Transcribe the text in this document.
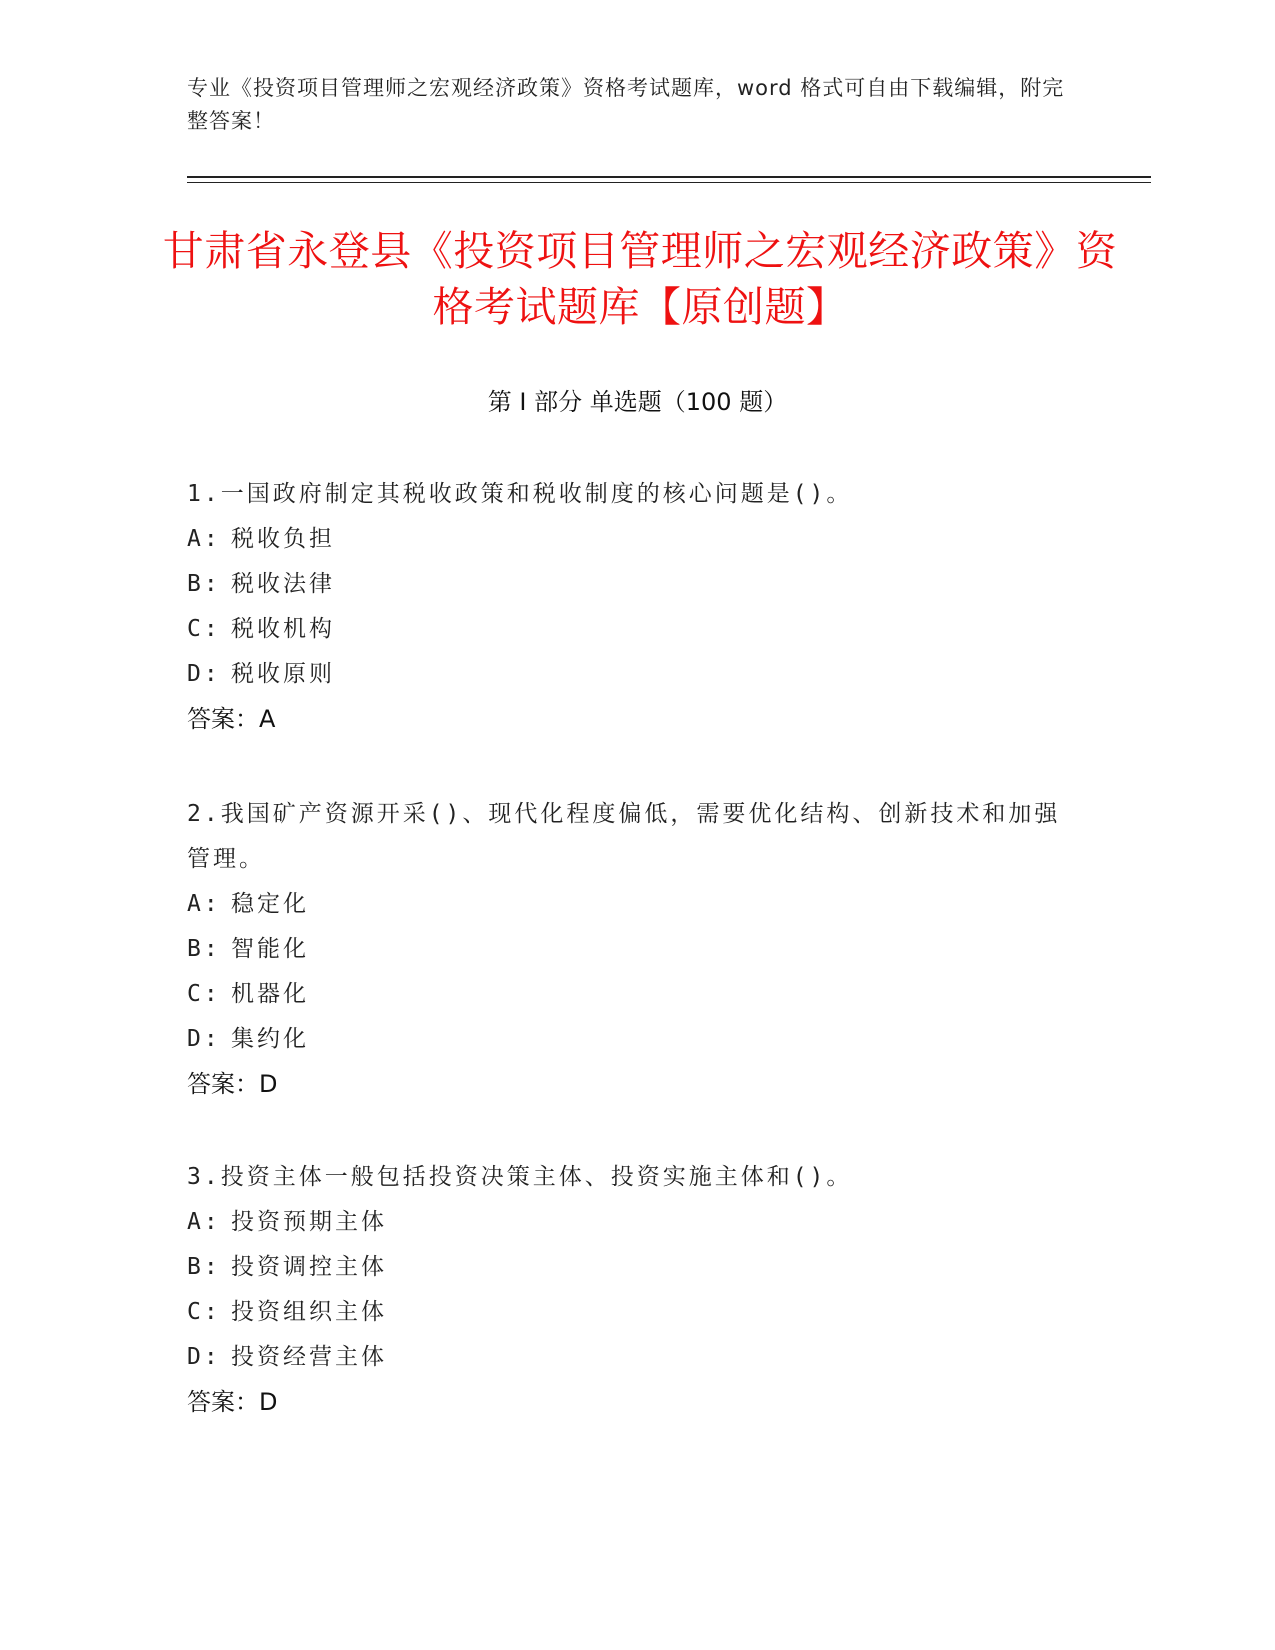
专业《投资项目管理师之宏观经济政策》资格考试题库，word 格式可自由下载编辑，附完整答案！
甘肃省永登县《投资项目管理师之宏观经济政策》资格考试题库【原创题】
第 I 部分 单选题（100 题）

1.一国政府制定其税收政策和税收制度的核心问题是()。

A: 税收负担

B: 税收法律

C: 税收机构

D: 税收原则

答案：A

2.我国矿产资源开采()、现代化程度偏低，需要优化结构、创新技术和加强管理。

A: 稳定化

B: 智能化

C: 机器化

D: 集约化

答案：D

3.投资主体一般包括投资决策主体、投资实施主体和()。

A: 投资预期主体

B: 投资调控主体

C: 投资组织主体

D: 投资经营主体

答案：D
